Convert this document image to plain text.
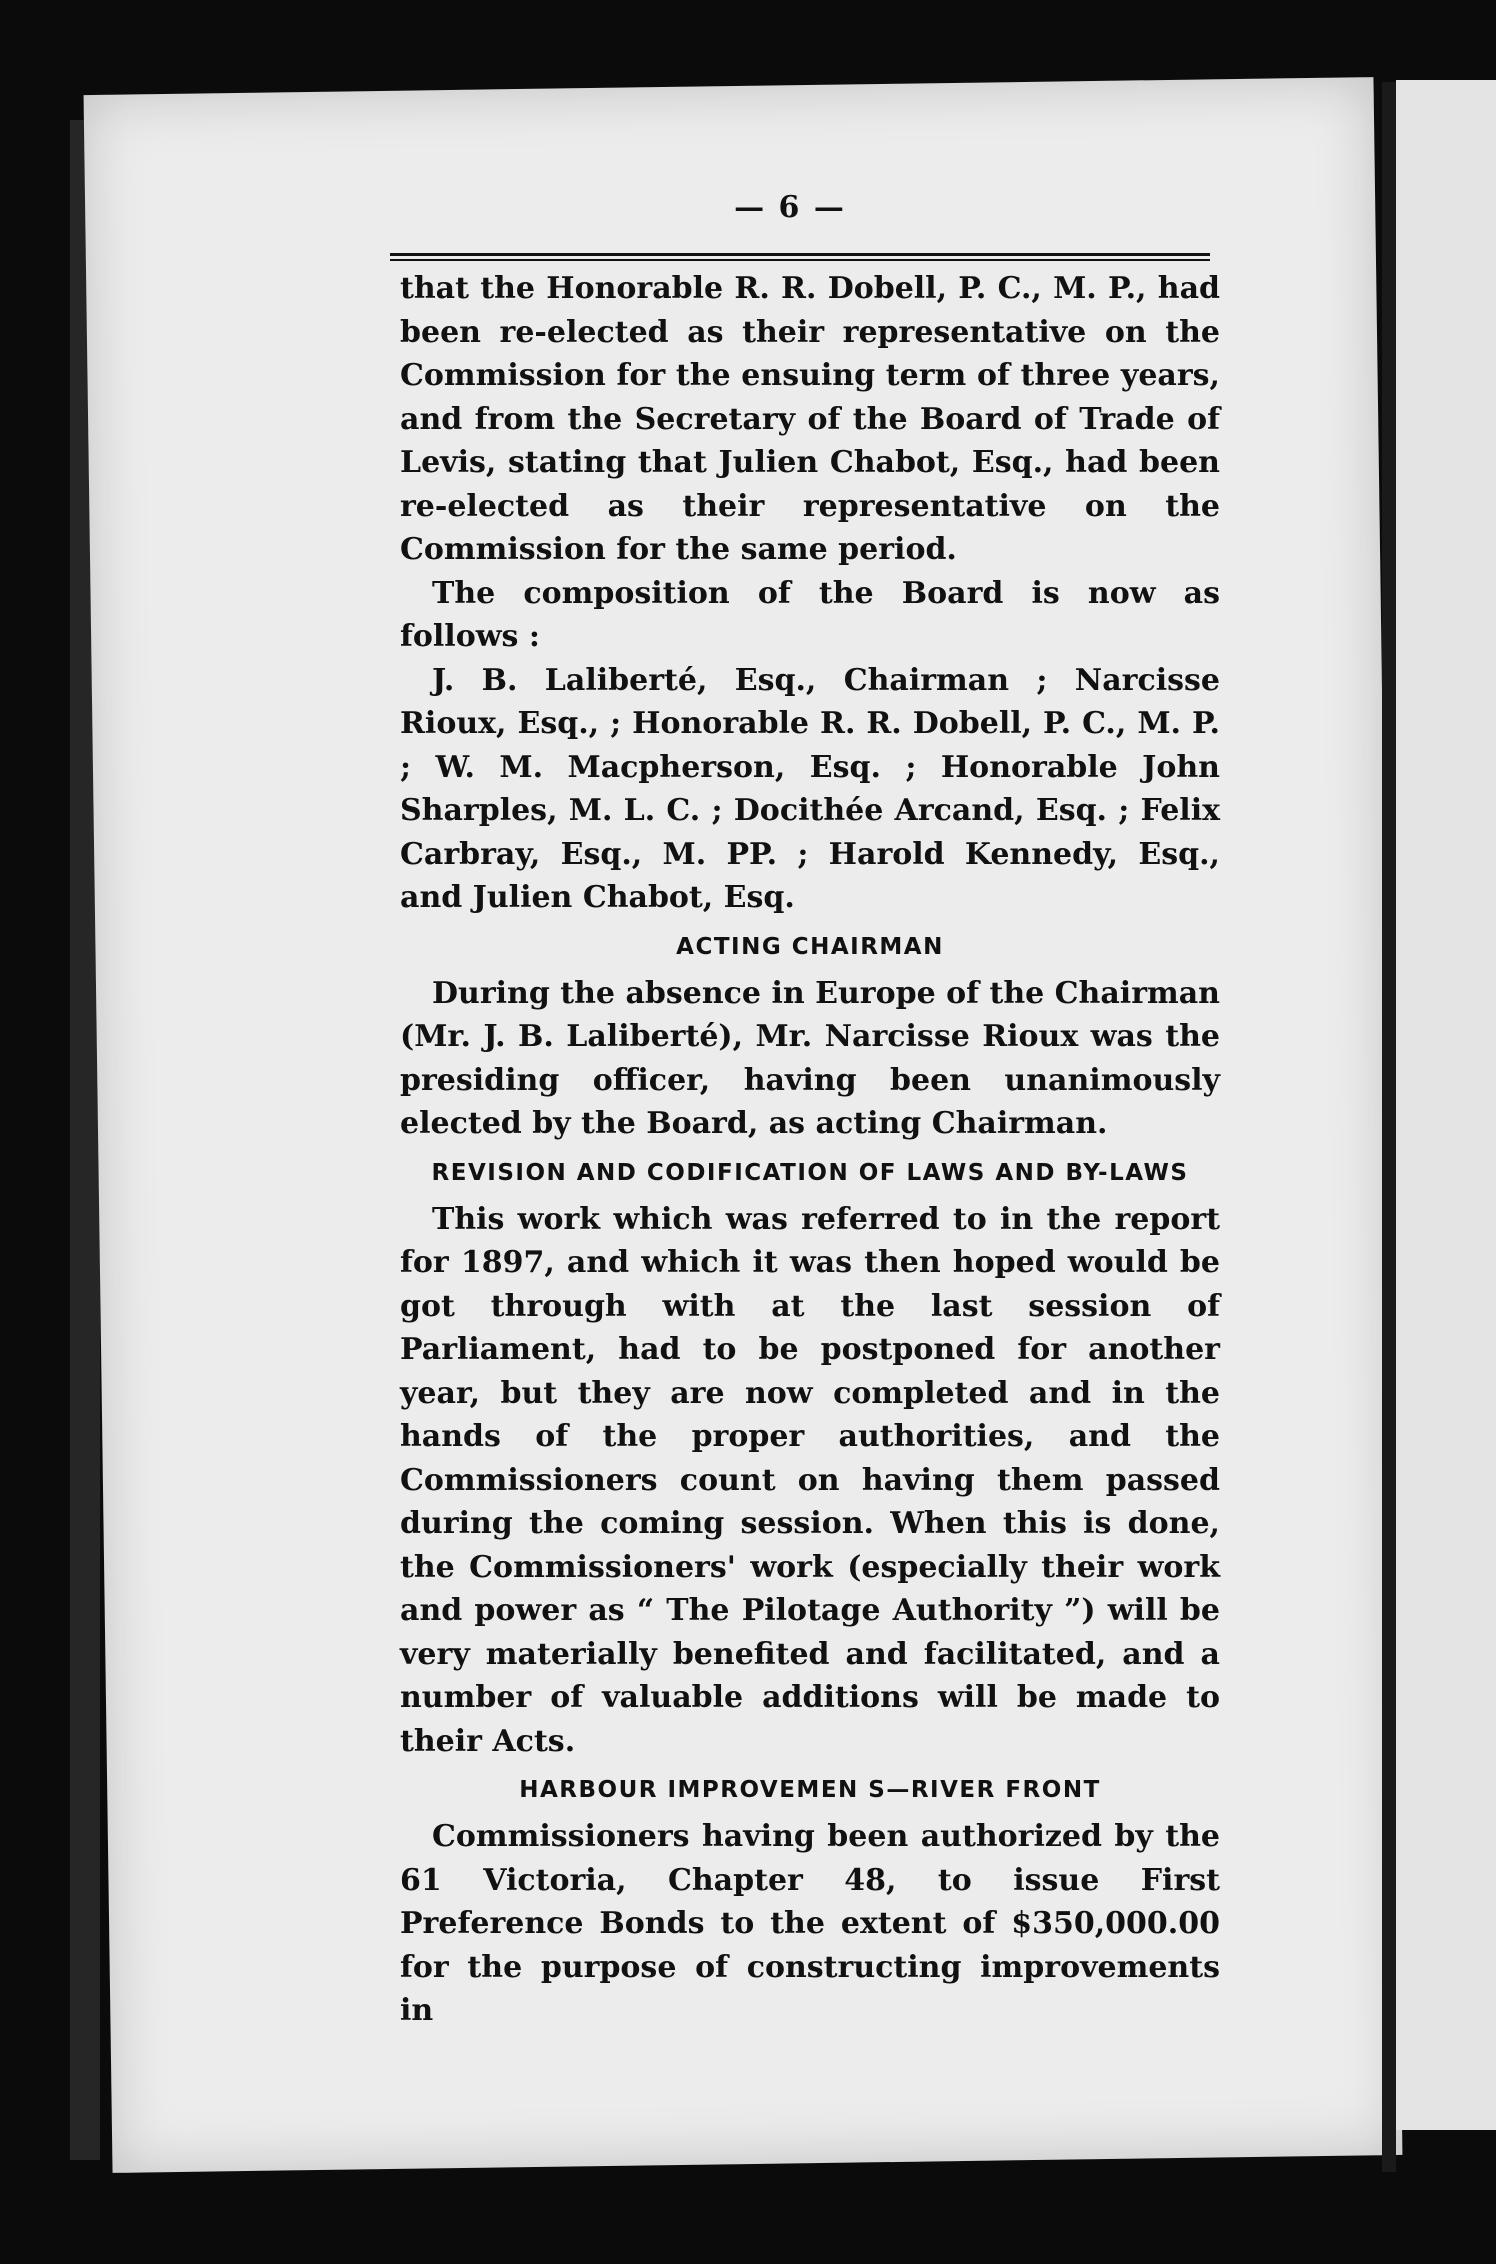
— 6 —

that the Honorable R. R. Dobell, P. C., M. P., had been re-elected as their representative on the Commission for the ensuing term of three years, and from the Secretary of the Board of Trade of Levis, stating that Julien Chabot, Esq., had been re-elected as their representative on the Commission for the same period.

The composition of the Board is now as follows :

J. B. Laliberté, Esq., Chairman ; Narcisse Rioux, Esq., ; Honorable R. R. Dobell, P. C., M. P. ; W. M. Macpherson, Esq. ; Honorable John Sharples, M. L. C. ; Docithée Arcand, Esq. ; Felix Carbray, Esq., M. PP. ; Harold Kennedy, Esq., and Julien Chabot, Esq.

ACTING CHAIRMAN

During the absence in Europe of the Chairman (Mr. J. B. Laliberté), Mr. Narcisse Rioux was the presiding officer, having been unanimously elected by the Board, as acting Chairman.

REVISION AND CODIFICATION OF LAWS AND BY-LAWS

This work which was referred to in the report for 1897, and which it was then hoped would be got through with at the last session of Parliament, had to be postponed for another year, but they are now completed and in the hands of the proper authorities, and the Commissioners count on having them passed during the coming session. When this is done, the Commissioners' work (especially their work and power as “ The Pilotage Authority ”) will be very materially benefited and facilitated, and a number of valuable additions will be made to their Acts.

HARBOUR IMPROVEMEN S—RIVER FRONT

Commissioners having been authorized by the 61 Victoria, Chapter 48, to issue First Preference Bonds to the extent of $350,000.00 for the purpose of constructing improvements in
